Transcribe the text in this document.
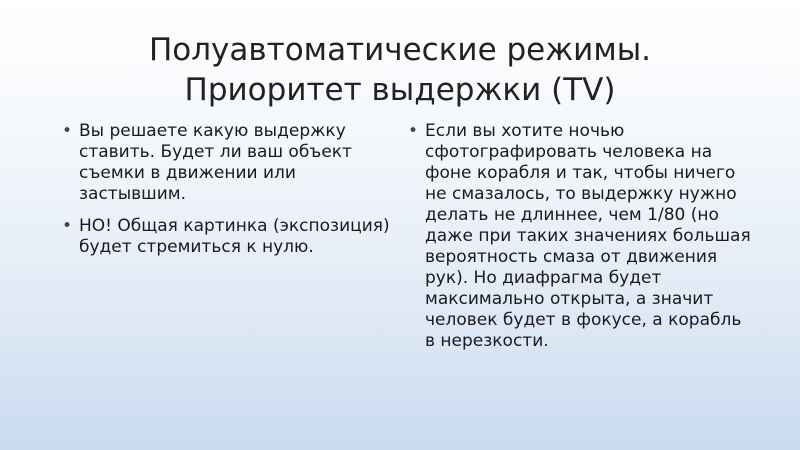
Полуавтоматические режимы.
Приоритет выдержки (TV)
• Вы решаете какую выдержку ставить. Будет ли ваш объект съемки в движении или застывшим.
• НО! Общая картинка (экспозиция) будет стремиться к нулю.
• Если вы хотите ночью сфотографировать человека на фоне корабля и так, чтобы ничего не смазалось, то выдержку нужно делать не длиннее, чем 1/80 (но даже при таких значениях большая вероятность смаза от движения рук). Но диафрагма будет максимально открыта, а значит человек будет в фокусе, а корабль в нерезкости.
